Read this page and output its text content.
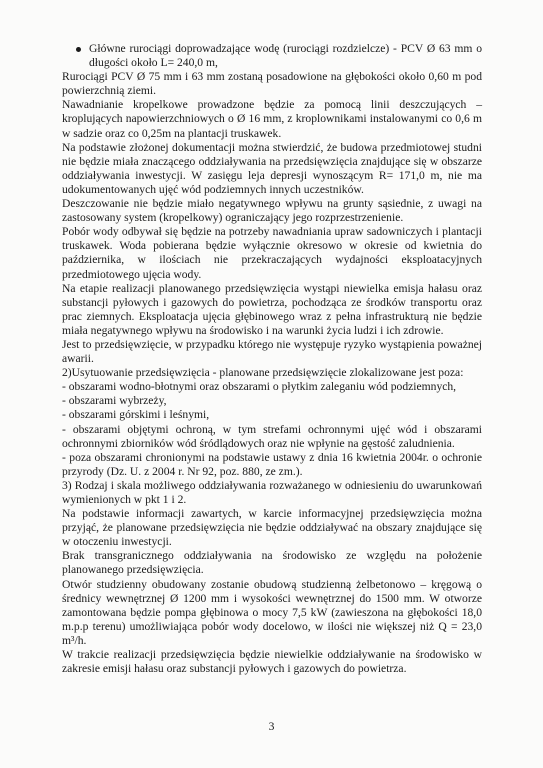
Główne rurociągi doprowadzające wodę (rurociągi rozdzielcze) - PCV Ø 63 mm o długości około L= 240,0 m,

Rurociągi PCV Ø 75 mm i 63 mm zostaną posadowione na głębokości około 0,60 m pod powierzchnią ziemi.

Nawadnianie kropelkowe prowadzone będzie za pomocą linii deszczujących – kroplujących napowierzchniowych o Ø 16 mm, z kroplownikami instalowanymi co 0,6 m w sadzie oraz co 0,25m na plantacji truskawek.

Na podstawie złożonej dokumentacji można stwierdzić, że budowa przedmiotowej studni nie będzie miała znaczącego oddziaływania na przedsięwzięcia znajdujące się w obszarze oddziaływania inwestycji. W zasięgu leja depresji wynoszącym R= 171,0 m, nie ma udokumentowanych ujęć wód podziemnych innych uczestników.

Deszczowanie nie będzie miało negatywnego wpływu na grunty sąsiednie, z uwagi na zastosowany system (kropelkowy) ograniczający jego rozprzestrzenienie.

Pobór wody odbywał się będzie na potrzeby nawadniania upraw sadowniczych i plantacji truskawek. Woda pobierana będzie wyłącznie okresowo w okresie od kwietnia do października, w ilościach nie przekraczających wydajności eksploatacyjnych przedmiotowego ujęcia wody.

Na etapie realizacji planowanego przedsięwzięcia wystąpi niewielka emisja hałasu oraz substancji pyłowych i gazowych do powietrza, pochodząca ze środków transportu oraz prac ziemnych. Eksploatacja ujęcia głębinowego wraz z pełna infrastrukturą nie będzie miała negatywnego wpływu na środowisko i na warunki życia ludzi i ich zdrowie.

Jest to przedsięwzięcie, w przypadku którego nie występuje ryzyko wystąpienia poważnej awarii.

2)Usytuowanie przedsięwzięcia - planowane przedsięwzięcie zlokalizowane jest poza:

- obszarami wodno-błotnymi oraz obszarami o płytkim zaleganiu wód podziemnych,

- obszarami wybrzeży,

- obszarami górskimi i leśnymi,

- obszarami objętymi ochroną, w tym strefami ochronnymi ujęć wód i obszarami ochronnymi zbiorników wód śródlądowych oraz nie wpłynie na gęstość zaludnienia.

- poza obszarami chronionymi na podstawie ustawy z dnia 16 kwietnia 2004r. o ochronie przyrody (Dz. U. z 2004 r. Nr 92, poz. 880, ze zm.).

3) Rodzaj i skala możliwego oddziaływania rozważanego w odniesieniu do uwarunkowań wymienionych w pkt 1 i 2.

Na podstawie informacji zawartych, w karcie informacyjnej przedsięwzięcia można przyjąć, że planowane przedsięwzięcia nie będzie oddziaływać na obszary znajdujące się w otoczeniu inwestycji.

Brak transgranicznego oddziaływania na środowisko ze względu na położenie planowanego przedsięwzięcia.

Otwór studzienny obudowany zostanie obudową studzienną żelbetonowo – kręgową o średnicy wewnętrznej Ø 1200 mm i wysokości wewnętrznej do 1500 mm. W otworze zamontowana będzie pompa głębinowa o mocy 7,5 kW (zawieszona na głębokości 18,0 m.p.p terenu) umożliwiająca pobór wody docelowo, w ilości nie większej niż Q = 23,0 m³/h.

W trakcie realizacji przedsięwzięcia będzie niewielkie oddziaływanie na środowisko w zakresie emisji hałasu oraz substancji pyłowych i gazowych do powietrza.

3
